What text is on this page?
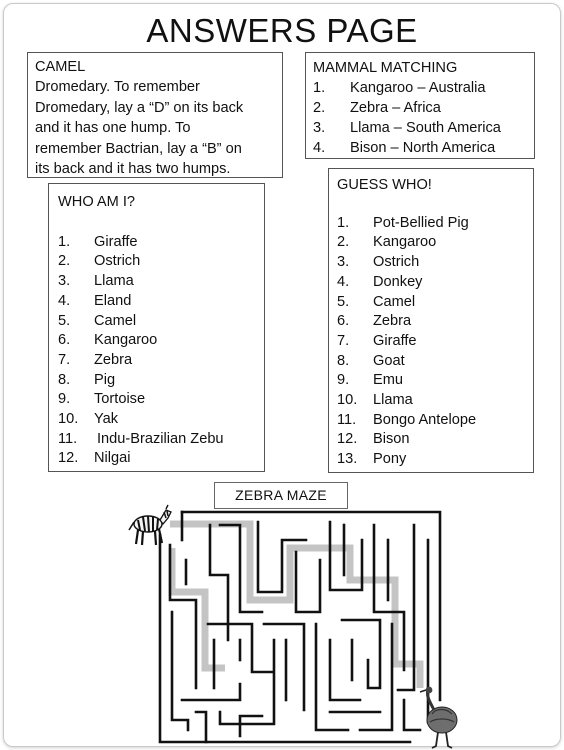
ANSWERS PAGE
CAMEL
Dromedary. To remember
Dromedary, lay a “D” on its back
and it has one hump. To
remember Bactrian, lay a “B” on
its back and it has two humps.
MAMMAL MATCHING
1.	Kangaroo – Australia
2.	Zebra – Africa
3.	Llama – South America
4.	Bison – North America
WHO AM I?
1.	Giraffe
2.	Ostrich
3.	Llama
4.	Eland
5.	Camel
6.	Kangaroo
7.	Zebra
8.	Pig
9.	Tortoise
10.	Yak
11.	Indu-Brazilian Zebu
12.	Nilgai
GUESS WHO!
1.	Pot-Bellied Pig
2.	Kangaroo
3.	Ostrich
4.	Donkey
5.	Camel
6.	Zebra
7.	Giraffe
8.	Goat
9.	Emu
10.	Llama
11.	Bongo Antelope
12.	Bison
13.	Pony
ZEBRA MAZE
